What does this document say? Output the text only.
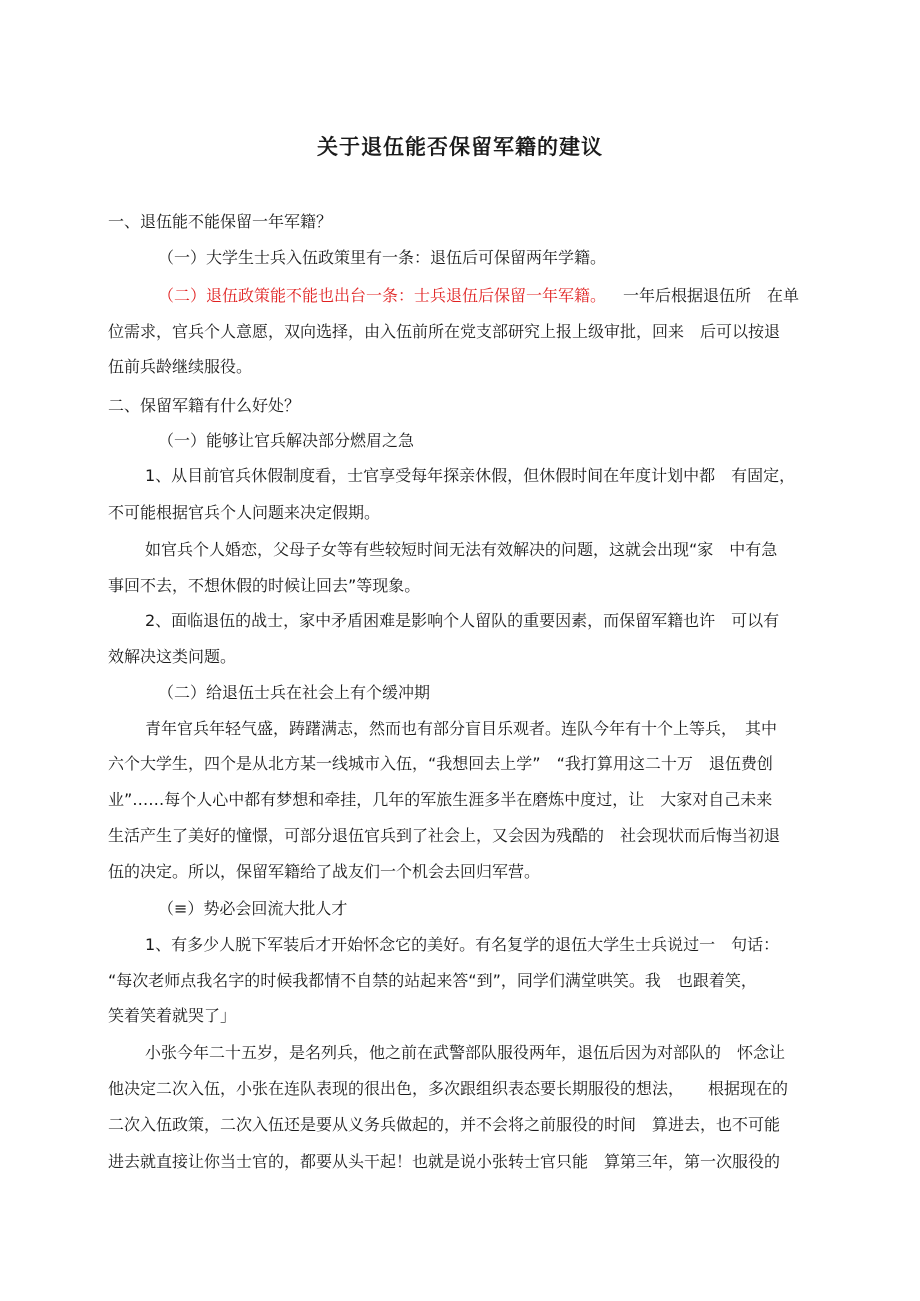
关于退伍能否保留军籍的建议
一、退伍能不能保留一年军籍？
（一）大学生士兵入伍政策里有一条：退伍后可保留两年学籍。
（二）退伍政策能不能也出台一条：士兵退伍后保留一年军籍。 一年后根据退伍所　在单
位需求，官兵个人意愿，双向选择，由入伍前所在党支部研究上报上级审批，回来　后可以按退
伍前兵龄继续服役。
二、保留军籍有什么好处？
（一）能够让官兵解决部分燃眉之急
1、从目前官兵休假制度看，士官享受每年探亲休假，但休假时间在年度计划中都　有固定，
不可能根据官兵个人问题来决定假期。
如官兵个人婚恋，父母子女等有些较短时间无法有效解决的问题，这就会出现“家　中有急
事回不去，不想休假的时候让回去”等现象。
2、面临退伍的战士，家中矛盾困难是影响个人留队的重要因素，而保留军籍也许　可以有
效解决这类问题。
（二）给退伍士兵在社会上有个缓冲期
青年官兵年轻气盛，踌躇满志，然而也有部分盲目乐观者。连队今年有十个上等兵，　其中
六个大学生，四个是从北方某一线城市入伍，“我想回去上学”　“我打算用这二十万　退伍费创
业”……每个人心中都有梦想和牵挂，几年的军旅生涯多半在磨炼中度过，让　大家对自己未来
生活产生了美好的憧憬，可部分退伍官兵到了社会上，又会因为残酷的　社会现状而后悔当初退
伍的决定。所以，保留军籍给了战友们一个机会去回归军营。
（≡）势必会回流大批人才
1、有多少人脱下军装后才开始怀念它的美好。有名复学的退伍大学生士兵说过一　句话：
“每次老师点我名字的时候我都情不自禁的站起来答“到”，同学们满堂哄笑。我　也跟着笑，
笑着笑着就哭了」
小张今年二十五岁，是名列兵，他之前在武警部队服役两年，退伍后因为对部队的　怀念让
他决定二次入伍，小张在连队表现的很出色，多次跟组织表态要长期服役的想法，　　根据现在的
二次入伍政策，二次入伍还是要从义务兵做起的，并不会将之前服役的时间　算进去，也不可能
进去就直接让你当士官的，都要从头干起！也就是说小张转士官只能　算第三年，第一次服役的
